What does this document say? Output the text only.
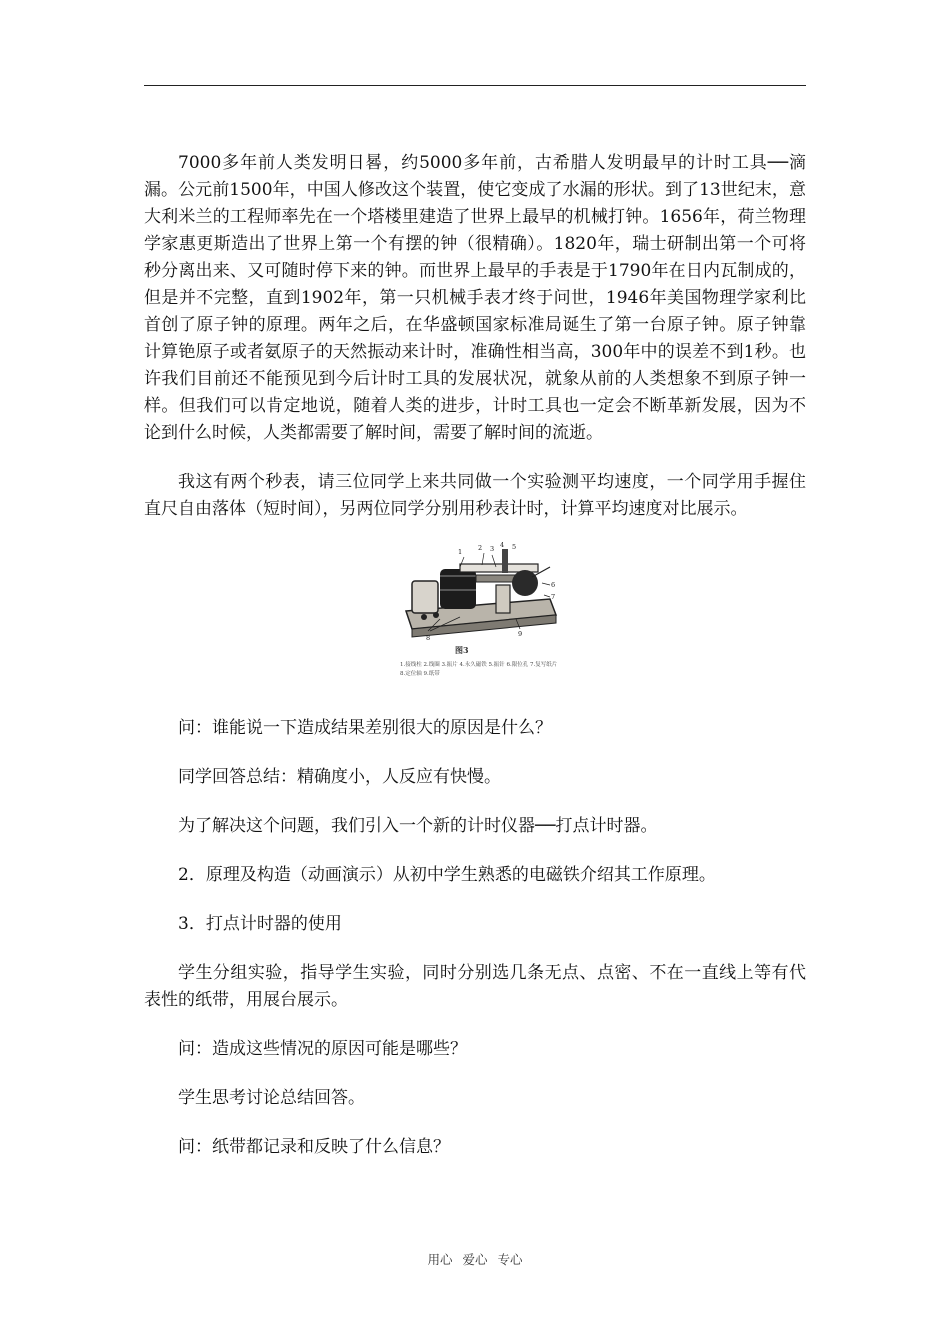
7000多年前人类发明日晷，约5000多年前，古希腊人发明最早的计时工具──滴漏。公元前1500年，中国人修改这个装置，使它变成了水漏的形状。到了13世纪末，意大利米兰的工程师率先在一个塔楼里建造了世界上最早的机械打钟。1656年，荷兰物理学家惠更斯造出了世界上第一个有摆的钟（很精确）。1820年，瑞士研制出第一个可将秒分离出来、又可随时停下来的钟。而世界上最早的手表是于1790年在日内瓦制成的，但是并不完整，直到1902年，第一只机械手表才终于问世，1946年美国物理学家利比首创了原子钟的原理。两年之后，在华盛顿国家标准局诞生了第一台原子钟。原子钟靠计算铯原子或者氨原子的天然振动来计时，准确性相当高，300年中的误差不到1秒。也许我们目前还不能预见到今后计时工具的发展状况，就象从前的人类想象不到原子钟一样。但我们可以肯定地说，随着人类的进步，计时工具也一定会不断革新发展，因为不论到什么时候，人类都需要了解时间，需要了解时间的流逝。

我这有两个秒表，请三位同学上来共同做一个实验测平均速度，一个同学用手握住直尺自由落体（短时间），另两位同学分别用秒表计时，计算平均速度对比展示。

1 2 3 4 5
6
7
8	9
图3
1.接线柱 2.线圈 3.振片 4.永久磁铁 5.振针 6.限位孔 7.复写纸片 8.定位轴 9.纸带

问：谁能说一下造成结果差别很大的原因是什么？

同学回答总结：精确度小，人反应有快慢。

为了解决这个问题，我们引入一个新的计时仪器──打点计时器。

2．原理及构造（动画演示）从初中学生熟悉的电磁铁介绍其工作原理。

3．打点计时器的使用

学生分组实验，指导学生实验，同时分别选几条无点、点密、不在一直线上等有代表性的纸带，用展台展示。

问：造成这些情况的原因可能是哪些？

学生思考讨论总结回答。

问：纸带都记录和反映了什么信息？

用心 爱心 专心
